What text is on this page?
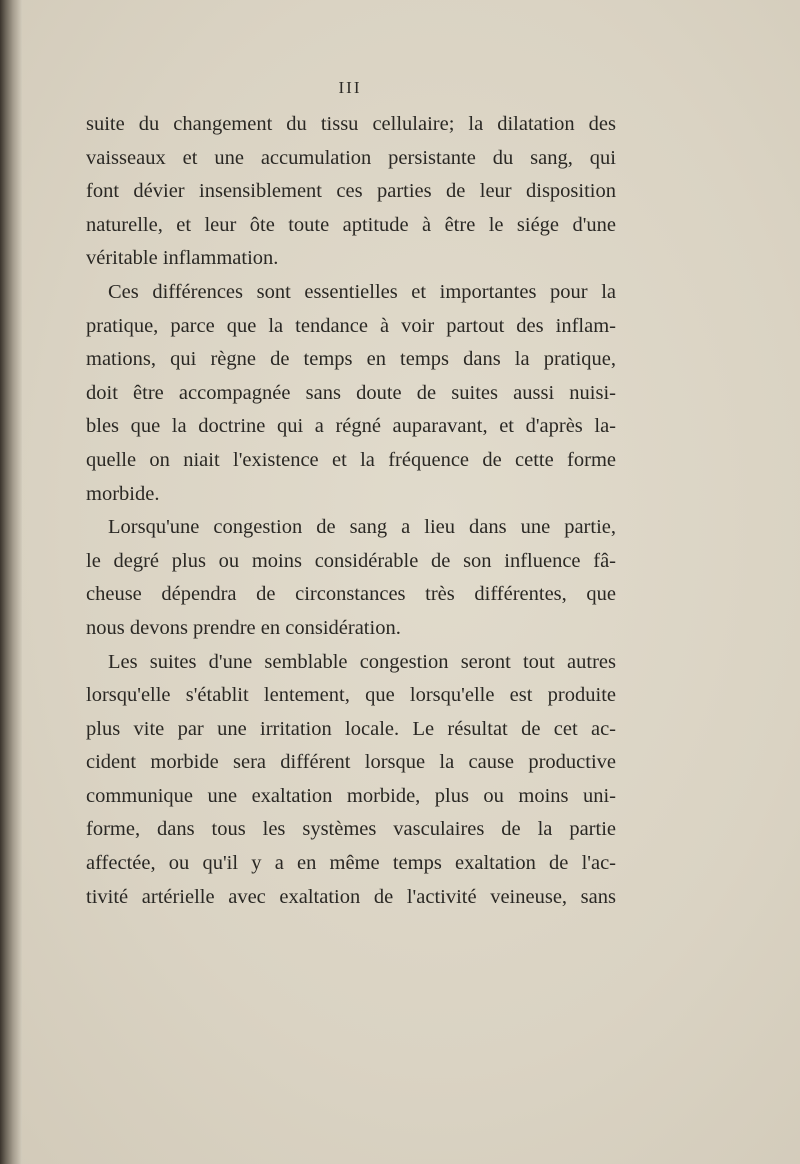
III
suite du changement du tissu cellulaire; la dilatation des
vaisseaux et une accumulation persistante du sang, qui
font dévier insensiblement ces parties de leur disposition
naturelle, et leur ôte toute aptitude à être le siége d'une
véritable inflammation.
Ces différences sont essentielles et importantes pour la
pratique, parce que la tendance à voir partout des inflam-
mations, qui règne de temps en temps dans la pratique,
doit être accompagnée sans doute de suites aussi nuisi-
bles que la doctrine qui a régné auparavant, et d'après la-
quelle on niait l'existence et la fréquence de cette forme
morbide.
Lorsqu'une congestion de sang a lieu dans une partie,
le degré plus ou moins considérable de son influence fâ-
cheuse dépendra de circonstances très différentes, que
nous devons prendre en considération.
Les suites d'une semblable congestion seront tout autres
lorsqu'elle s'établit lentement, que lorsqu'elle est produite
plus vite par une irritation locale. Le résultat de cet ac-
cident morbide sera différent lorsque la cause productive
communique une exaltation morbide, plus ou moins uni-
forme, dans tous les systèmes vasculaires de la partie
affectée, ou qu'il y a en même temps exaltation de l'ac-
tivité artérielle avec exaltation de l'activité veineuse, sans
